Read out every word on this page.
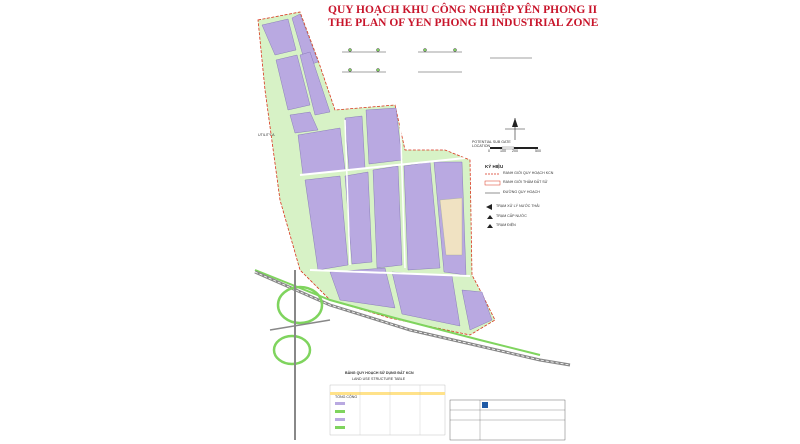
QUY HOẠCH KHU CÔNG NGHIỆP YÊN PHONG II
THE PLAN OF YEN PHONG II INDUSTRIAL ZONE
UTILITY A
POTENTIAL SUB GATE LOCATION
KÝ HIỆU
RANH GIỚI QUY HOẠCH KCN
RANH GIỚI THẢM ĐẤT SỬ
ĐƯỜNG QUY HOẠCH
TRẠM XỬ LÝ NƯỚC THẢI
TRẠM CẤP NƯỚC
TRẠM ĐIỆN
0	100 200	500
BẢNG QUY HOẠCH SỬ DỤNG ĐẤT KCN
LAND USE STRUCTURE TABLE
TỔNG CỘNG
